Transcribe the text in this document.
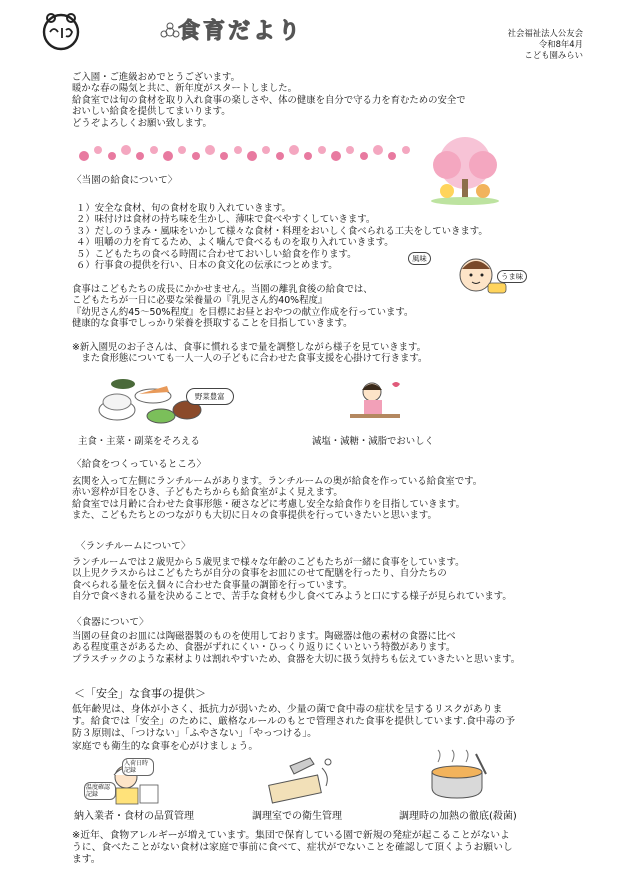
食育だより	社会福祉法人公友会
令和8年4月
こども園みらい
ご入園・ご進級おめでとうございます。
暖かな春の陽気と共に、新年度がスタートしました。
給食室では旬の食材を取り入れ食事の楽しさや、体の健康を自分で守る力を育むための安全で
おいしい給食を提供してまいります。
どうぞよろしくお願い致します。
〈当園の給食について〉
１）安全な食材、旬の食材を取り入れていきます。
２）味付けは食材の持ち味を生かし、薄味で食べやすくしていきます。
３）だしのうまみ・風味をいかして様々な食材・料理をおいしく食べられる工夫をしていきます。
４）咀嚼の力を育てるため、よく噛んで食べるものを取り入れていきます。
５）こどもたちの食べる時間に合わせておいしい給食を作ります。
６）行事食の提供を行い、日本の食文化の伝承につとめます。
食事はこどもたちの成長にかかせません。当園の離乳食後の給食では、
こどもたちが一日に必要な栄養量の『乳児さん約40%程度』
『幼児さん約45～50%程度』を目標にお昼とおやつの献立作成を行っています。
健康的な食事でしっかり栄養を摂取することを目指していきます。
風味
うま味
※新入園児のお子さんは、食事に慣れるまで量を調整しながら様子を見ていきます。
　また食形態についても一人一人の子どもに合わせた食事支援を心掛けて行きます。
野菜豊富
主食・主菜・副菜をそろえる	減塩・減糖・減脂でおいしく
〈給食をつくっているところ〉
玄関を入って左側にランチルームがあります。ランチルームの奥が給食を作っている給食室です。
赤い窓枠が目をひき、子どもたちからも給食室がよく見えます。
給食室では月齢に合わせた食事形態・硬さなどに考慮し安全な給食作りを目指していきます。
また、こどもたちとのつながりも大切に日々の食事提供を行っていきたいと思います。
〈ランチルームについて〉
ランチルームでは２歳児から５歳児まで様々な年齢のこどもたちが一緒に食事をしています。
以上児クラスからはこどもたちが自分の食事をお皿にのせて配膳を行ったり、自分たちの
食べられる量を伝え個々に合わせた食事量の調節を行っています。
自分で食べきれる量を決めることで、苦手な食材も少し食べてみようと口にする様子が見られています。
〈食器について〉
当園の昼食のお皿には陶磁器製のものを使用しております。陶磁器は他の素材の食器に比べ
ある程度重さがあるため、食器がずれにくい・ひっくり返りにくいという特徴があります。
プラスチックのような素材よりは割れやすいため、食器を大切に扱う気持ちも伝えていきたいと思います。
＜「安全」な食事の提供＞
低年齢児は、身体が小さく、抵抗力が弱いため、少量の菌で食中毒の症状を呈するリスクがありま
す。給食では「安全」のために、厳格なルールのもとで管理された食事を提供しています.食中毒の予
防３原則は、「つけない」「ふやさない」「やっつける」。
家庭でも衛生的な食事を心がけましょう。
入荷日時記録
温度確認記録
納入業者・食材の品質管理	調理室での衛生管理	調理時の加熱の徹底(殺菌)
※近年、食物アレルギーが増えています。集団で保育している園で新規の発症が起こることがないよ
うに、食べたことがない食材は家庭で事前に食べて、症状がでないことを確認して頂くようお願いし
ます。
